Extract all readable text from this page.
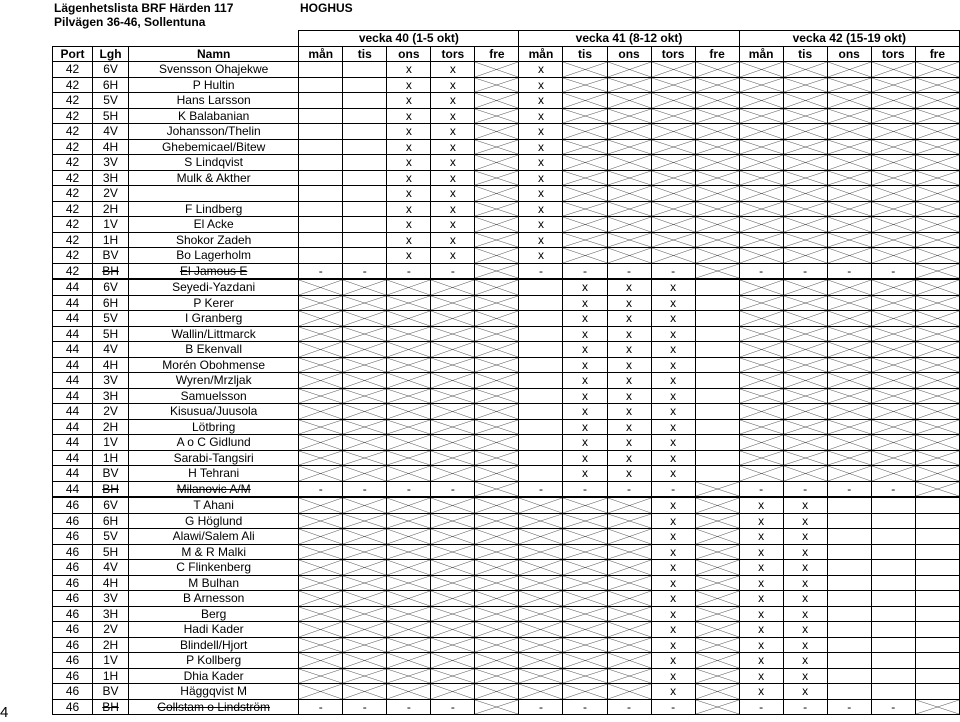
4
Lägenhetslista BRF Härden 117
Pilvägen 36-46, Sollentuna
HOGHUS
			vecka 40 (1-5 okt)					vecka 41 (8-12 okt)					vecka 42 (15-19 okt)				
Port	Lgh	Namn	mån	tis	ons	tors	fre	mån	tis	ons	tors	fre	mån	tis	ons	tors	fre
42	6V	Svensson Ohajekwe			x	x		x									
42	6H	P Hultin			x	x		x									
42	5V	Hans Larsson			x	x		x									
42	5H	K Balabanian			x	x		x									
42	4V	Johansson/Thelin			x	x		x									
42	4H	Ghebemicael/Bitew			x	x		x									
42	3V	S Lindqvist			x	x		x									
42	3H	Mulk & Akther			x	x		x									
42	2V				x	x		x									
42	2H	F Lindberg			x	x		x									
42	1V	El Acke			x	x		x									
42	1H	Shokor Zadeh			x	x		x									
42	BV	Bo Lagerholm			x	x		x									
42	BH	El Jamous E	-	-	-	-		-	-	-	-		-	-	-	-	
44	6V	Seyedi-Yazdani							x	x	x						
44	6H	P Kerer							x	x	x						
44	5V	I Granberg							x	x	x						
44	5H	Wallin/Littmarck							x	x	x						
44	4V	B Ekenvall							x	x	x						
44	4H	Morén Obohmense							x	x	x						
44	3V	Wyren/Mrzljak							x	x	x						
44	3H	Samuelsson							x	x	x						
44	2V	Kisusua/Juusola							x	x	x						
44	2H	Lötbring							x	x	x						
44	1V	A o C Gidlund							x	x	x						
44	1H	Sarabi-Tangsiri							x	x	x						
44	BV	H Tehrani							x	x	x						
44	BH	Milanovic A/M	-	-	-	-		-	-	-	-		-	-	-	-	
46	6V	T Ahani									x		x	x			
46	6H	G Höglund									x		x	x			
46	5V	Alawi/Salem Ali									x		x	x			
46	5H	M & R Malki									x		x	x			
46	4V	C Flinkenberg									x		x	x			
46	4H	M Bulhan									x		x	x			
46	3V	B Arnesson									x		x	x			
46	3H	Berg									x		x	x			
46	2V	Hadi Kader									x		x	x			
46	2H	Blindell/Hjort									x		x	x			
46	1V	P Kollberg									x		x	x			
46	1H	Dhia Kader									x		x	x			
46	BV	Häggqvist M									x		x	x			
46	BH	Collstam o Lindström	-	-	-	-		-	-	-	-		-	-	-	-	
